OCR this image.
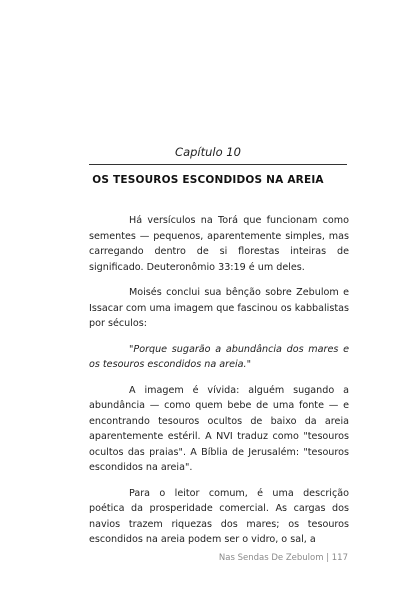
Capítulo 10
OS TESOUROS ESCONDIDOS NA AREIA

Há versículos na Torá que funcionam como sementes — pequenos, aparentemente simples, mas carregando dentro de si florestas inteiras de significado. Deuteronômio 33:19 é um deles.

Moisés conclui sua bênção sobre Zebulom e Issacar com uma imagem que fascinou os kabbalistas por séculos:

"Porque sugarão a abundância dos mares e os tesouros escondidos na areia."

A imagem é vívida: alguém sugando a abundância — como quem bebe de uma fonte — e encontrando tesouros ocultos de baixo da areia aparentemente estéril. A NVI traduz como "tesouros ocultos das praias". A Bíblia de Jerusalém: "tesouros escondidos na areia".

Para o leitor comum, é uma descrição poética da prosperidade comercial. As cargas dos navios trazem riquezas dos mares; os tesouros escondidos na areia podem ser o vidro, o sal, a

Nas Sendas De Zebulom | 117
